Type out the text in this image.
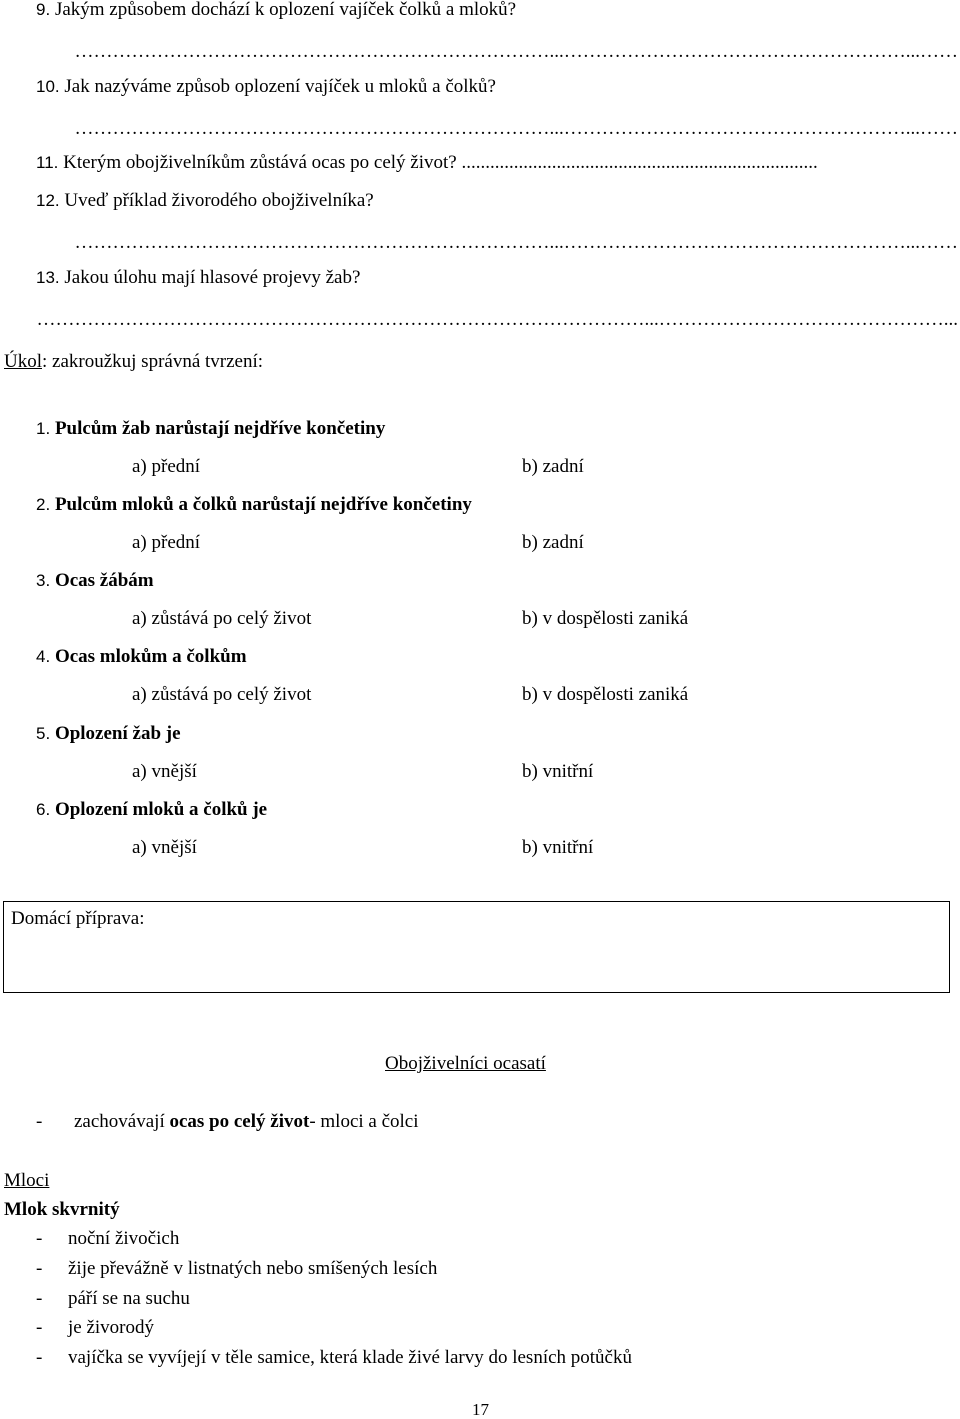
9. Jakým způsobem dochází k oplození vajíček čolků a mloků?
…………………………………………………………………...………………………………………………...……
10. Jak nazýváme způsob oplození vajíček u mloků a čolků?
…………………………………………………………………...………………………………………………...……
11. Kterým obojživelníkům zůstává ocas po celý život? ...........................................................................
12. Uveď příklad živorodého obojživelníka?
…………………………………………………………………...………………………………………………...……
13. Jakou úlohu mají hlasové projevy žab?
……………………………………………………………………………………...………………………………………...
Úkol: zakroužkuj správná tvrzení:
1. Pulcům žab narůstají nejdříve končetiny
a) přední	b) zadní
2. Pulcům mloků a čolků narůstají nejdříve končetiny
a) přední	b) zadní
3. Ocas žábám
a) zůstává po celý život	b) v dospělosti zaniká
4. Ocas mlokům a čolkům
a) zůstává po celý život	b) v dospělosti zaniká
5. Oplození žab je
a) vnější	b) vnitřní
6. Oplození mloků a čolků je
a) vnější	b) vnitřní
Domácí příprava:
Obojživelníci ocasatí
- zachovávají ocas po celý život- mloci a čolci
Mloci
Mlok skvrnitý
- noční živočich
- žije převážně v listnatých nebo smíšených lesích
- páří se na suchu
- je živorodý
- vajíčka se vyvíjejí v těle samice, která klade živé larvy do lesních potůčků
17
